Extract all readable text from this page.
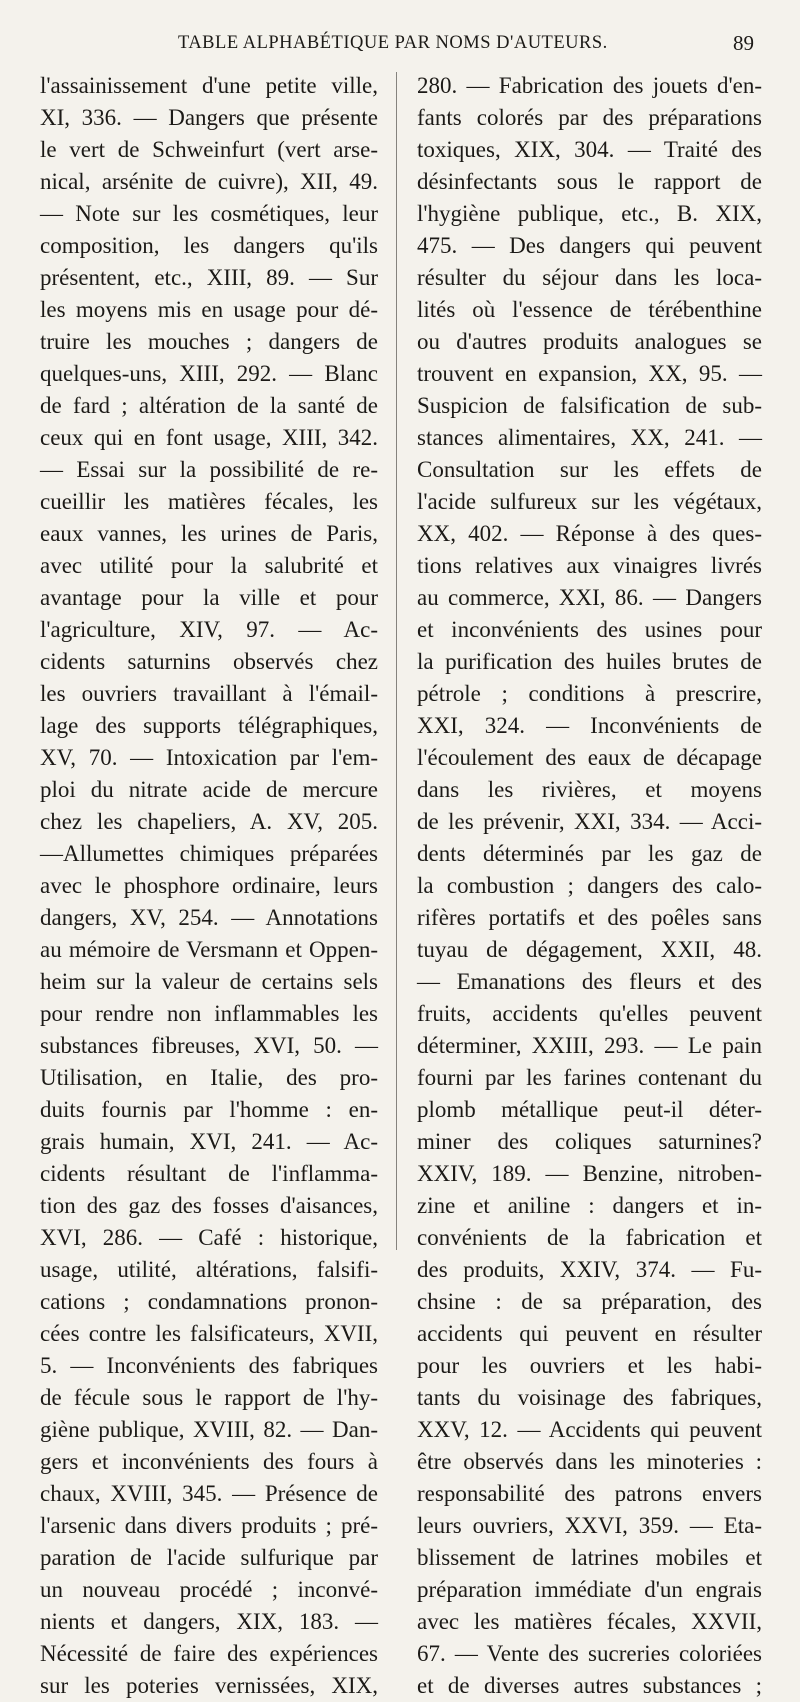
TABLE ALPHABÉTIQUE PAR NOMS D'AUTEURS.	89
l'assainissement d'une petite ville,
XI, 336. — Dangers que présente
le vert de Schweinfurt (vert arse-
nical, arsénite de cuivre), XII, 49.
— Note sur les cosmétiques, leur
composition, les dangers qu'ils
présentent, etc., XIII, 89. — Sur
les moyens mis en usage pour dé-
truire les mouches ; dangers de
quelques-uns, XIII, 292. — Blanc
de fard ; altération de la santé de
ceux qui en font usage, XIII, 342.
— Essai sur la possibilité de re-
cueillir les matières fécales, les
eaux vannes, les urines de Paris,
avec utilité pour la salubrité et
avantage pour la ville et pour
l'agriculture, XIV, 97. — Ac-
cidents saturnins observés chez
les ouvriers travaillant à l'émail-
lage des supports télégraphiques,
XV, 70. — Intoxication par l'em-
ploi du nitrate acide de mercure
chez les chapeliers, A. XV, 205.
—Allumettes chimiques préparées
avec le phosphore ordinaire, leurs
dangers, XV, 254. — Annotations
au mémoire de Versmann et Oppen-
heim sur la valeur de certains sels
pour rendre non inflammables les
substances fibreuses, XVI, 50. —
Utilisation, en Italie, des pro-
duits fournis par l'homme : en-
grais humain, XVI, 241. — Ac-
cidents résultant de l'inflamma-
tion des gaz des fosses d'aisances,
XVI, 286. — Café : historique,
usage, utilité, altérations, falsifi-
cations ; condamnations pronon-
cées contre les falsificateurs, XVII,
5. — Inconvénients des fabriques
de fécule sous le rapport de l'hy-
giène publique, XVIII, 82. — Dan-
gers et inconvénients des fours à
chaux, XVIII, 345. — Présence de
l'arsenic dans divers produits ; pré-
paration de l'acide sulfurique par
un nouveau procédé ; inconvé-
nients et dangers, XIX, 183. —
Nécessité de faire des expériences
sur les poteries vernissées, XIX,
280. — Fabrication des jouets d'en-
fants colorés par des préparations
toxiques, XIX, 304. — Traité des
désinfectants sous le rapport de
l'hygiène publique, etc., B. XIX,
475. — Des dangers qui peuvent
résulter du séjour dans les loca-
lités où l'essence de térébenthine
ou d'autres produits analogues se
trouvent en expansion, XX, 95. —
Suspicion de falsification de sub-
stances alimentaires, XX, 241. —
Consultation sur les effets de
l'acide sulfureux sur les végétaux,
XX, 402. — Réponse à des ques-
tions relatives aux vinaigres livrés
au commerce, XXI, 86. — Dangers
et inconvénients des usines pour
la purification des huiles brutes de
pétrole ; conditions à prescrire,
XXI, 324. — Inconvénients de
l'écoulement des eaux de décapage
dans les rivières, et moyens
de les prévenir, XXI, 334. — Acci-
dents déterminés par les gaz de
la combustion ; dangers des calo-
rifères portatifs et des poêles sans
tuyau de dégagement, XXII, 48.
— Emanations des fleurs et des
fruits, accidents qu'elles peuvent
déterminer, XXIII, 293. — Le pain
fourni par les farines contenant du
plomb métallique peut-il déter-
miner des coliques saturnines?
XXIV, 189. — Benzine, nitroben-
zine et aniline : dangers et in-
convénients de la fabrication et
des produits, XXIV, 374. — Fu-
chsine : de sa préparation, des
accidents qui peuvent en résulter
pour les ouvriers et les habi-
tants du voisinage des fabriques,
XXV, 12. — Accidents qui peuvent
être observés dans les minoteries :
responsabilité des patrons envers
leurs ouvriers, XXVI, 359. — Eta-
blissement de latrines mobiles et
préparation immédiate d'un engrais
avec les matières fécales, XXVII,
67. — Vente des sucreries coloriées
et de diverses autres substances ;
